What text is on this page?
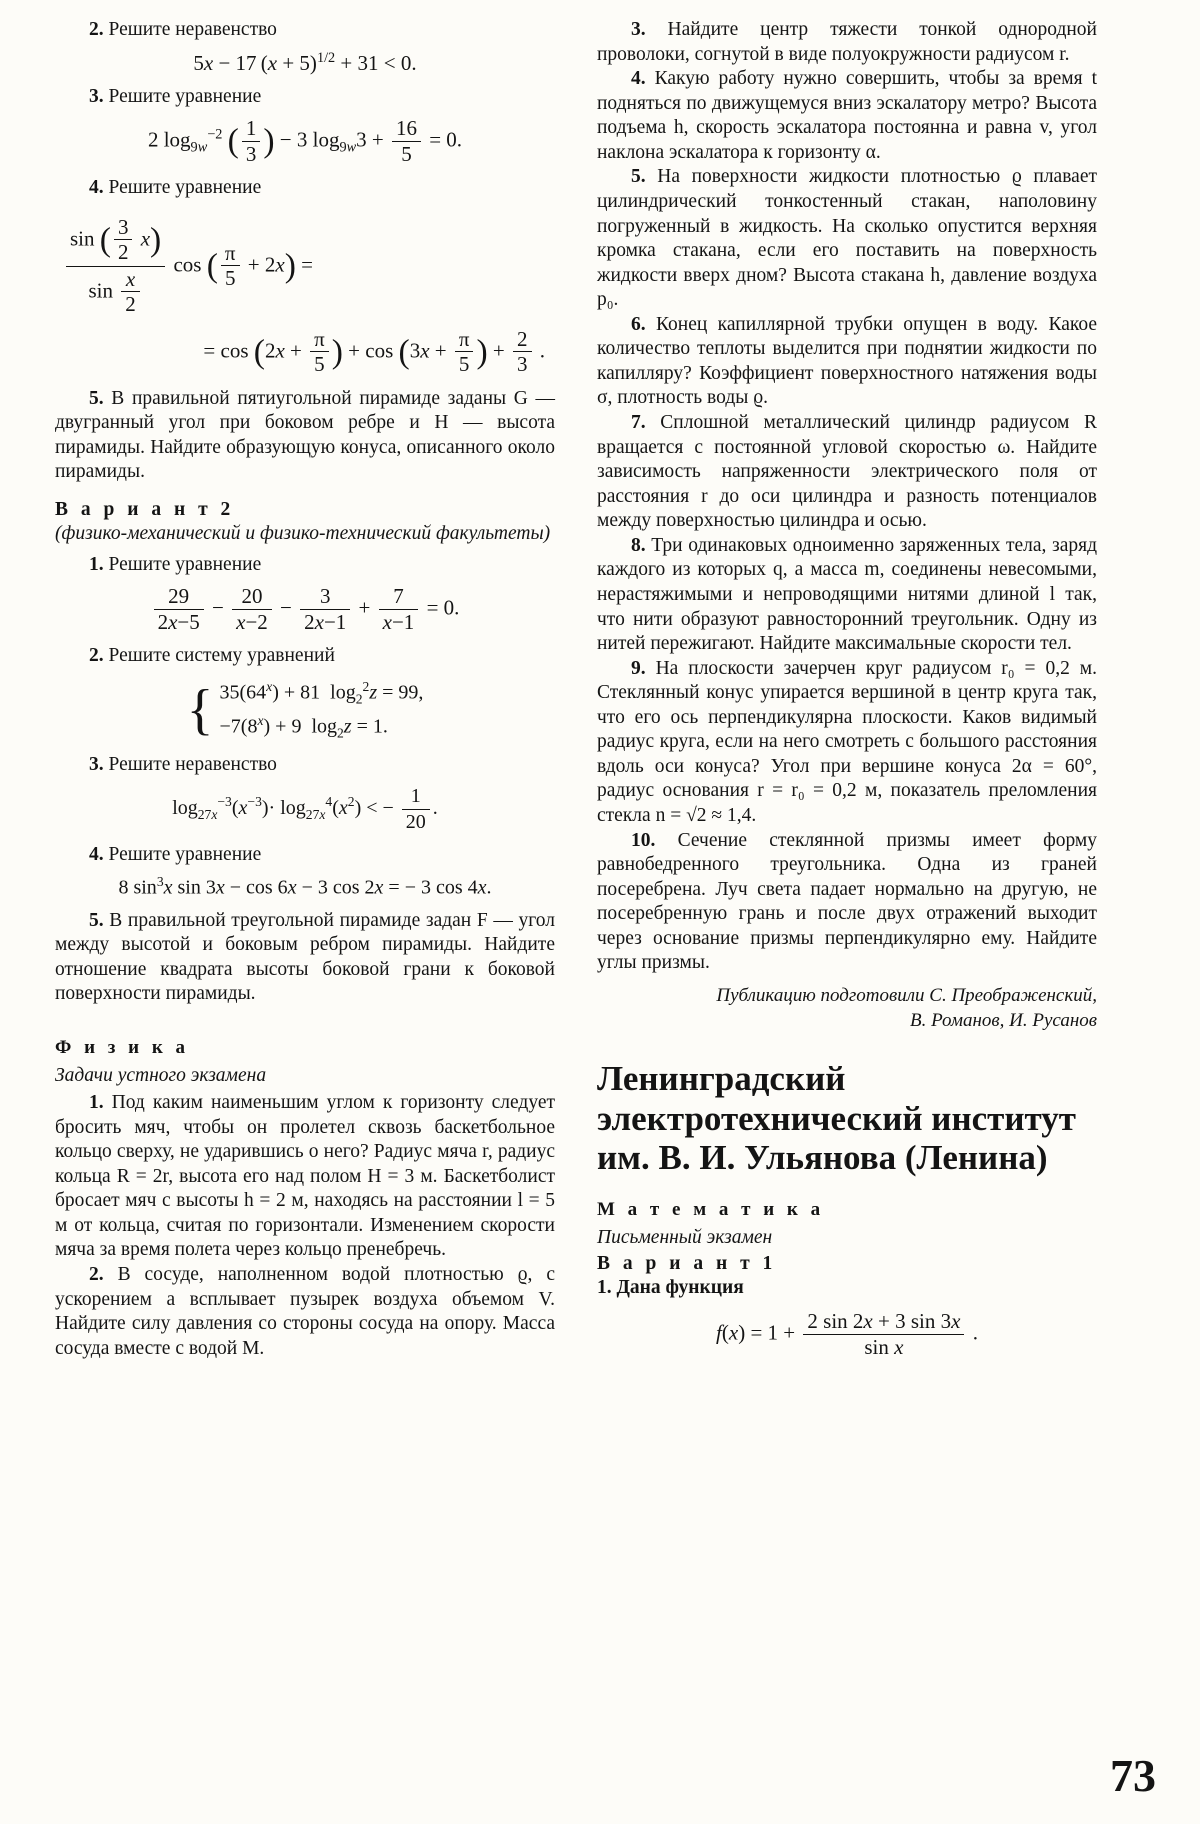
2. Решите неравенство

5x − 17 $(x + 5)^{1/2} + 31 < 0$.

3. Решите уравнение

2 $\log_{9w}^{-2}$ ( $\frac{1}{3}$ ) − 3 $\log_{9w}3 + \frac{16}{5} = 0$.

4. Решите уравнение

$\frac{\sin ( \frac{3}{2} x)}{\sin \frac{x}{2}}$ cos ( $\frac{\pi}{5} + 2x$) =
= $\cos (2x + \frac{\pi}{5}$ ) + $\cos (3x + \frac{\pi}{5}$ ) + $\frac{2}{3}$ .

5. В правильной пятиугольной пирамиде заданы G — двугранный угол при боковом ребре и H — высота пирамиды. Найдите образующую конуса, описанного около пирамиды.

В а р и а н т 2
(физико-механический и физико-технический факультеты)

1. Решите уравнение

$\frac{29}{2x-5} - \frac{20}{x-2} - \frac{3}{2x-1} + \frac{7}{x-1} = 0$.

2. Решите систему уравнений

{ $35(64^x) + 81$  $\log_2^2z = 99$,
$-7(8^x) + 9$  $\log_2z = 1$.

3. Решите неравенство

$\log_{27x}^{-3}(x^{-3})\cdot \log_{27x}^4(x^2)$ < − $\frac{1}{20}$ .

4. Решите уравнение

8 $\sin^3x$ sin 3x − cos 6x − 3 cos 2x = − 3 cos 4x.

5. В правильной треугольной пирамиде задан F — угол между высотой и боковым ребром пирамиды. Найдите отношение квадрата высоты боковой грани к боковой поверхности пирамиды.

Ф и з и к а
Задачи устного экзамена

1. Под каким наименьшим углом к горизонту следует бросить мяч, чтобы он пролетел сквозь баскетбольное кольцо сверху, не ударившись о него? Радиус мяча r, радиус кольца R = 2r, высота его над полом H = 3 м. Баскетболист бросает мяч с высоты h = 2 м, находясь на расстоянии l = 5 м от кольца, считая по горизонтали. Изменением скорости мяча за время полета через кольцо пренебречь.

2. В сосуде, наполненном водой плотностью ϱ, с ускорением a всплывает пузырек воздуха объемом V. Найдите силу давления со стороны сосуда на опору. Масса сосуда вместе с водой M.

3. Найдите центр тяжести тонкой однородной проволоки, согнутой в виде полуокружности радиусом r.

4. Какую работу нужно совершить, чтобы за время t подняться по движущемуся вниз эскалатору метро? Высота подъема h, скорость эскалатора постоянна и равна v, угол наклона эскалатора к горизонту α.

5. На поверхности жидкости плотностью ϱ плавает цилиндрический тонкостенный стакан, наполовину погруженный в жидкость. На сколько опустится верхняя кромка стакана, если его поставить на поверхность жидкости вверх дном? Высота стакана h, давление воздуха p₀.

6. Конец капиллярной трубки опущен в воду. Какое количество теплоты выделится при поднятии жидкости по капилляру? Коэффициент поверхностного натяжения воды σ, плотность воды ϱ.

7. Сплошной металлический цилиндр радиусом R вращается с постоянной угловой скоростью ω. Найдите зависимость напряженности электрического поля от расстояния r до оси цилиндра и разность потенциалов между поверхностью цилиндра и осью.

8. Три одинаковых одноименно заряженных тела, заряд каждого из которых q, а масса m, соединены невесомыми, нерастяжимыми и непроводящими нитями длиной l так, что нити образуют равносторонний треугольник. Одну из нитей пережигают. Найдите максимальные скорости тел.

9. На плоскости зачерчен круг радиусом r₀ = 0,2 м. Стеклянный конус упирается вершиной в центр круга так, что его ось перпендикулярна плоскости. Каков видимый радиус круга, если на него смотреть с большого расстояния вдоль оси конуса? Угол при вершине конуса 2α = 60°, радиус основания r = r₀ = 0,2 м, показатель преломления стекла n = √2 ≈ 1,4.

10. Сечение стеклянной призмы имеет форму равнобедренного треугольника. Одна из граней посеребрена. Луч света падает нормально на другую, не посеребренную грань и после двух отражений выходит через основание призмы перпендикулярно ему. Найдите углы призмы.

Публикацию подготовили С. Преображенский,
В. Романов, И. Русанов
Ленинградский электротехнический институт им. В. И. Ульянова (Ленина)
М а т е м а т и к а
Письменный экзамен
В а р и а н т 1
1. Дана функция
$f(x) = 1 + \frac{2 \sin 2x + 3 \sin 3x}{\text{sin x}}$ .
73
